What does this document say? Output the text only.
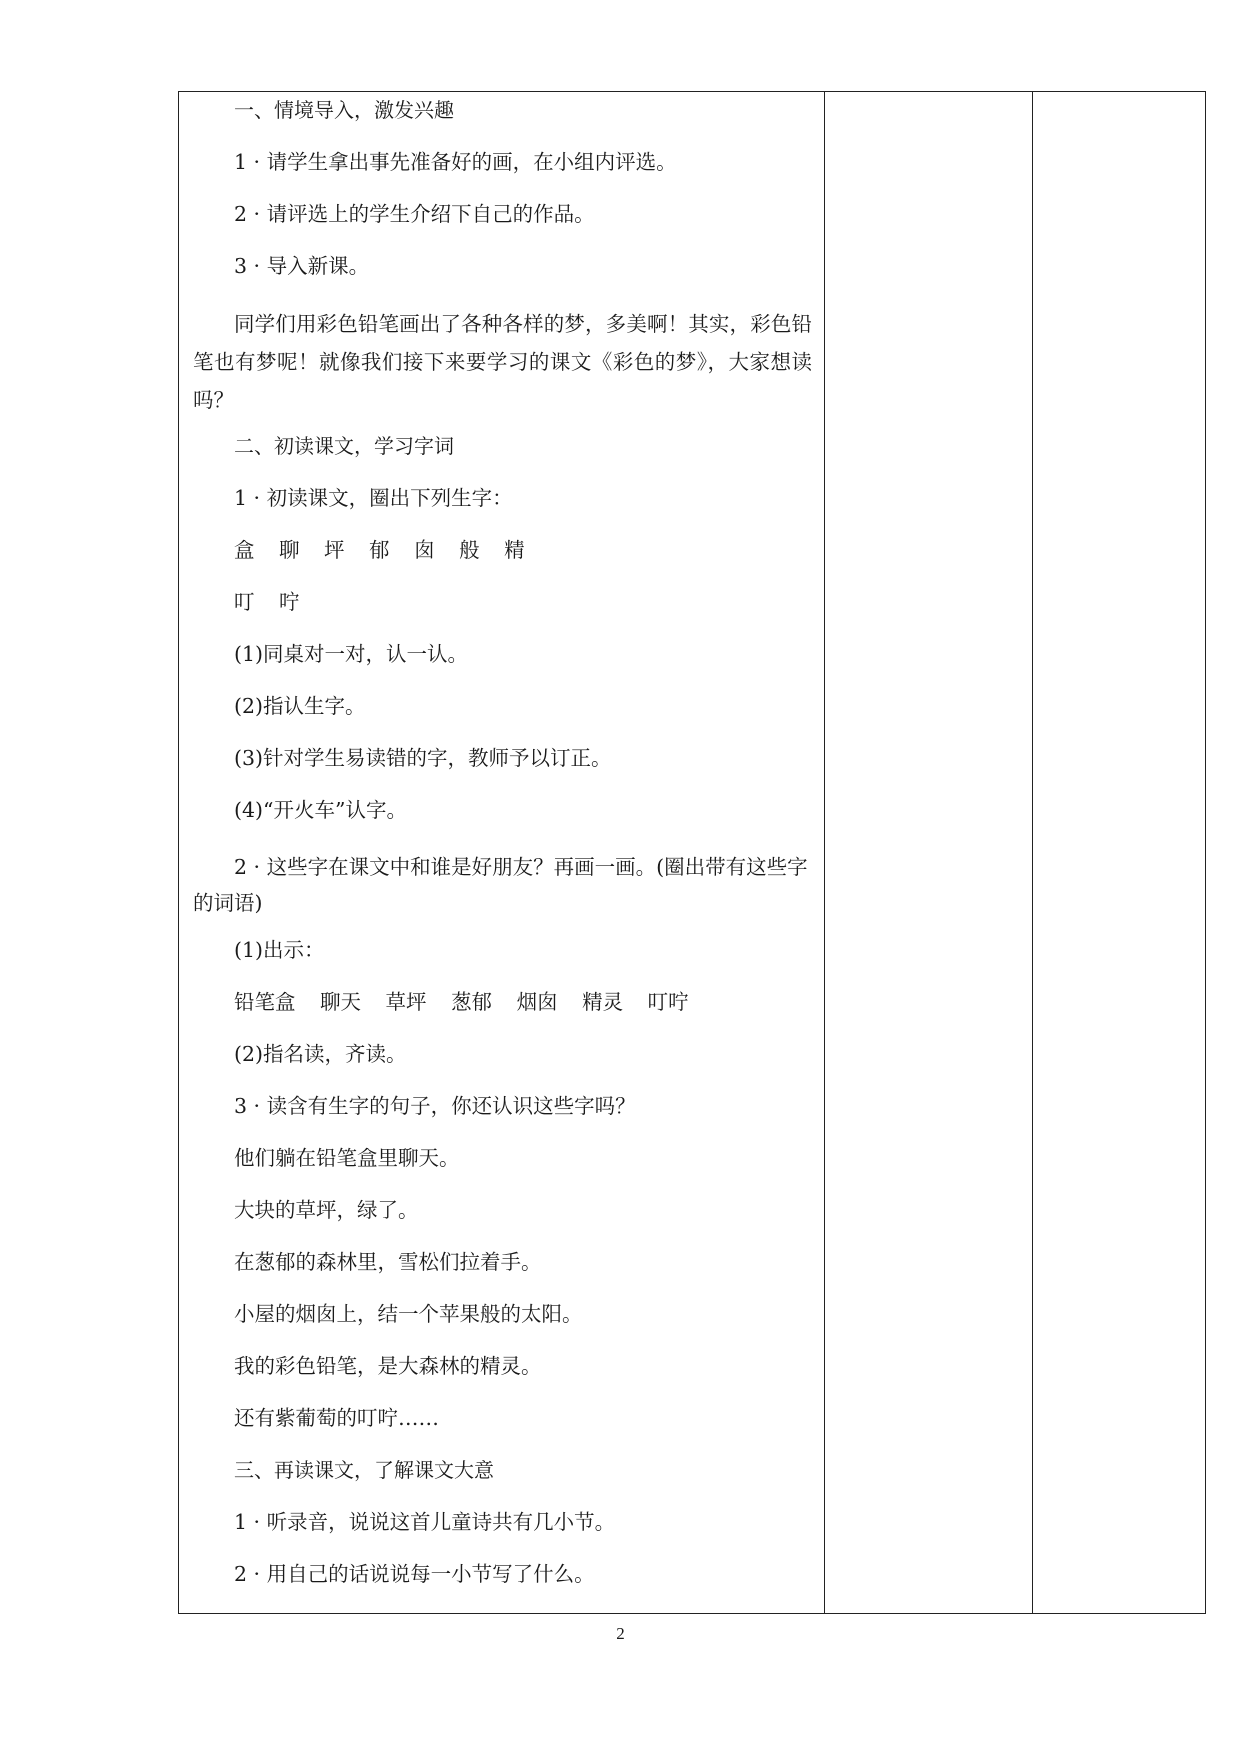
一、情境导入，激发兴趣

1 · 请学生拿出事先准备好的画，在小组内评选。

2 · 请评选上的学生介绍下自己的作品。

3 · 导入新课。

同学们用彩色铅笔画出了各种各样的梦，多美啊！其实，彩色铅笔也有梦呢！就像我们接下来要学习的课文《彩色的梦》，大家想读吗？

二、初读课文，学习字词

1 · 初读课文，圈出下列生字：

盒 聊 坪 郁 囱 般 精

叮 咛

(1)同桌对一对，认一认。

(2)指认生字。

(3)针对学生易读错的字，教师予以订正。

(4)“开火车”认字。

2 · 这些字在课文中和谁是好朋友？再画一画。(圈出带有这些字的词语)

(1)出示：

铅笔盒 聊天 草坪 葱郁 烟囱 精灵 叮咛

(2)指名读，齐读。

3 · 读含有生字的句子，你还认识这些字吗？

他们躺在铅笔盒里聊天。

大块的草坪，绿了。

在葱郁的森林里，雪松们拉着手。

小屋的烟囱上，结一个苹果般的太阳。

我的彩色铅笔，是大森林的精灵。

还有紫葡萄的叮咛……

三、再读课文，了解课文大意

1 · 听录音，说说这首儿童诗共有几小节。

2 · 用自己的话说说每一小节写了什么。

2
